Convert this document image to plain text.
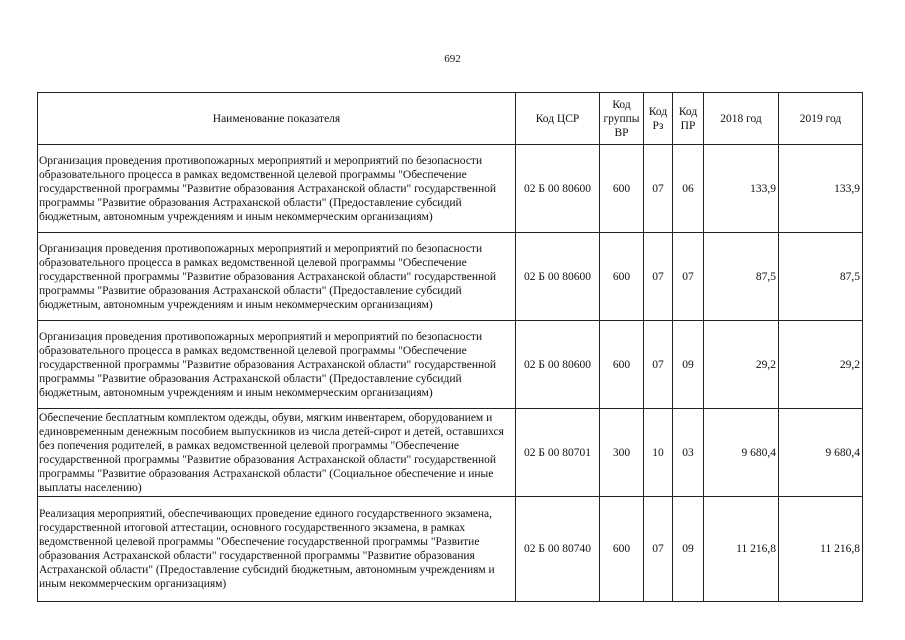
692
Наименование показателя	Код ЦСР	Код группы ВР	Код Рз	Код ПР	2018 год	2019 год
Организация проведения противопожарных мероприятий и мероприятий по безопасности образовательного процесса в рамках ведомственной целевой программы "Обеспечение государственной программы "Развитие образования Астраханской области" государственной программы "Развитие образования Астраханской области" (Предоставление субсидий бюджетным, автономным учреждениям и иным некоммерческим организациям)	02 Б 00 80600	600	07	06	133,9	133,9
Организация проведения противопожарных мероприятий и мероприятий по безопасности образовательного процесса в рамках ведомственной целевой программы "Обеспечение государственной программы "Развитие образования Астраханской области" государственной программы "Развитие образования Астраханской области" (Предоставление субсидий бюджетным, автономным учреждениям и иным некоммерческим организациям)	02 Б 00 80600	600	07	07	87,5	87,5
Организация проведения противопожарных мероприятий и мероприятий по безопасности образовательного процесса в рамках ведомственной целевой программы "Обеспечение государственной программы "Развитие образования Астраханской области" государственной программы "Развитие образования Астраханской области" (Предоставление субсидий бюджетным, автономным учреждениям и иным некоммерческим организациям)	02 Б 00 80600	600	07	09	29,2	29,2
Обеспечение бесплатным комплектом одежды, обуви, мягким инвентарем, оборудованием и единовременным денежным пособием выпускников из числа детей-сирот и детей, оставшихся без попечения родителей, в рамках ведомственной целевой программы "Обеспечение государственной программы "Развитие образования Астраханской области" государственной программы "Развитие образования Астраханской области" (Социальное обеспечение и иные выплаты населению)	02 Б 00 80701	300	10	03	9 680,4	9 680,4
Реализация мероприятий, обеспечивающих проведение единого государственного экзамена, государственной итоговой аттестации, основного государственного экзамена, в рамках ведомственной целевой программы "Обеспечение государственной программы "Развитие образования Астраханской области" государственной программы "Развитие образования Астраханской области" (Предоставление субсидий бюджетным, автономным учреждениям и иным некоммерческим организациям)	02 Б 00 80740	600	07	09	11 216,8	11 216,8
